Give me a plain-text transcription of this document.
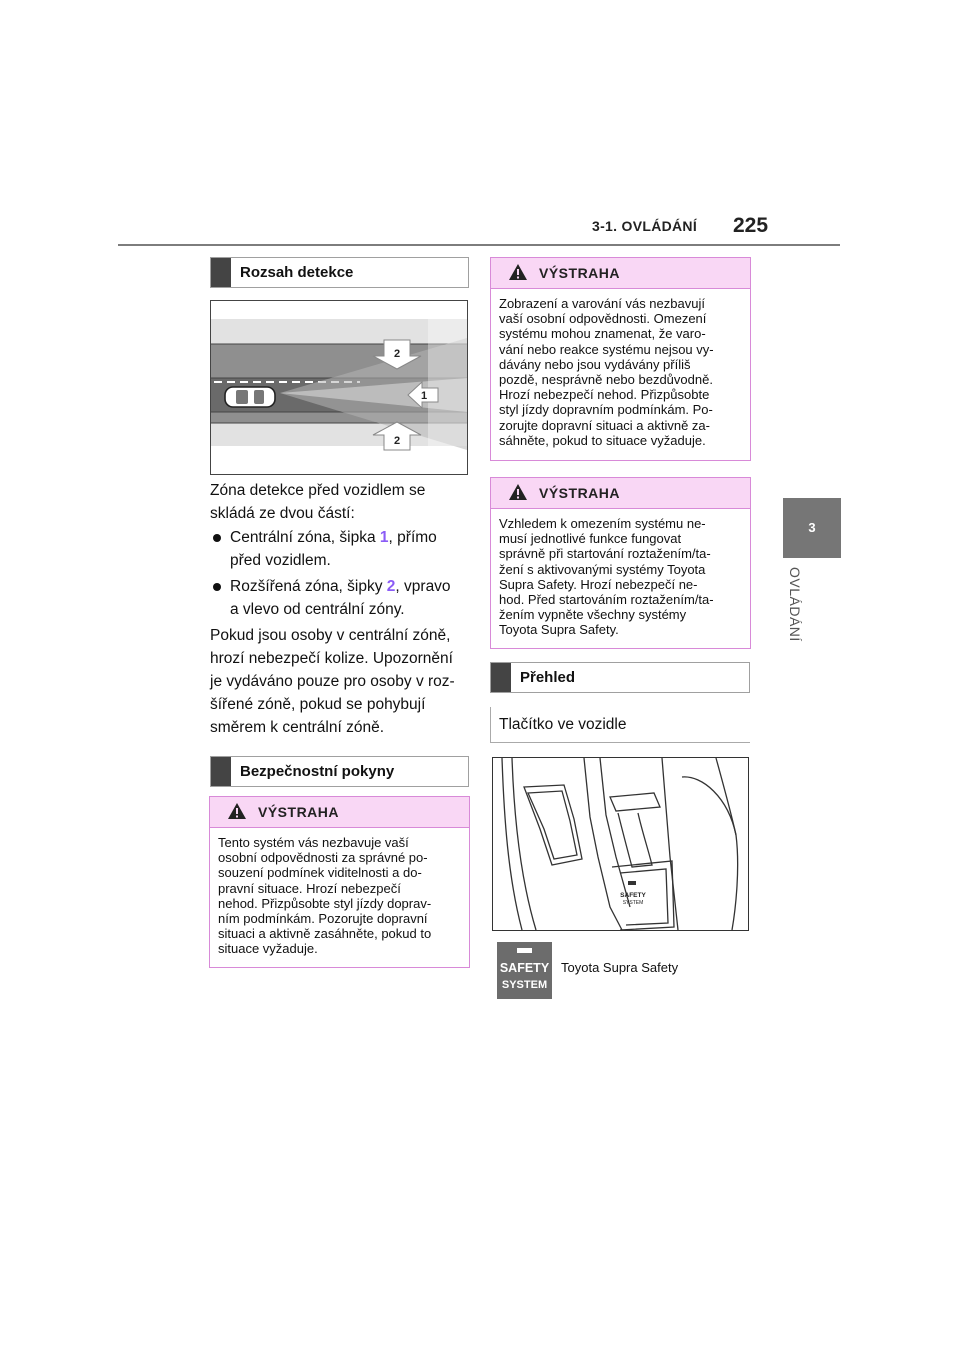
3-1. OVLÁDÁNÍ 225
3
OVLÁDÁNÍ
Rozsah detekce
2
1
2
Zóna detekce před vozidlem se
skládá ze dvou částí:
Centrální zóna, šipka 1, přímo
před vozidlem.
Rozšířená zóna, šipky 2, vpravo
a vlevo od centrální zóny.
Pokud jsou osoby v centrální zóně,
hrozí nebezpečí kolize. Upozornění
je vydáváno pouze pro osoby v roz-
šířené zóně, pokud se pohybují
směrem k centrální zóně.
Bezpečnostní pokyny
VÝSTRAHA
Tento systém vás nezbavuje vaší
osobní odpovědnosti za správné po-
souzení podmínek viditelnosti a do-
pravní situace. Hrozí nebezpečí
nehod. Přizpůsobte styl jízdy doprav-
ním podmínkám. Pozorujte dopravní
situaci a aktivně zasáhněte, pokud to
situace vyžaduje.
VÝSTRAHA
Zobrazení a varování vás nezbavují
vaší osobní odpovědnosti. Omezení
systému mohou znamenat, že varo-
vání nebo reakce systému nejsou vy-
dávány nebo jsou vydávány příliš
pozdě, nesprávně nebo bezdůvodně.
Hrozí nebezpečí nehod. Přizpůsobte
styl jízdy dopravním podmínkám. Po-
zorujte dopravní situaci a aktivně za-
sáhněte, pokud to situace vyžaduje.
VÝSTRAHA
Vzhledem k omezením systému ne-
musí jednotlivé funkce fungovat
správně při startování roztažením/ta-
žení s aktivovanými systémy Toyota
Supra Safety. Hrozí nebezpečí ne-
hod. Před startováním roztažením/ta-
žením vypněte všechny systémy
Toyota Supra Safety.
Přehled
Tlačítko ve vozidle
SAFETY
SYSTEM
SAFETY
SYSTEM
Toyota Supra Safety
